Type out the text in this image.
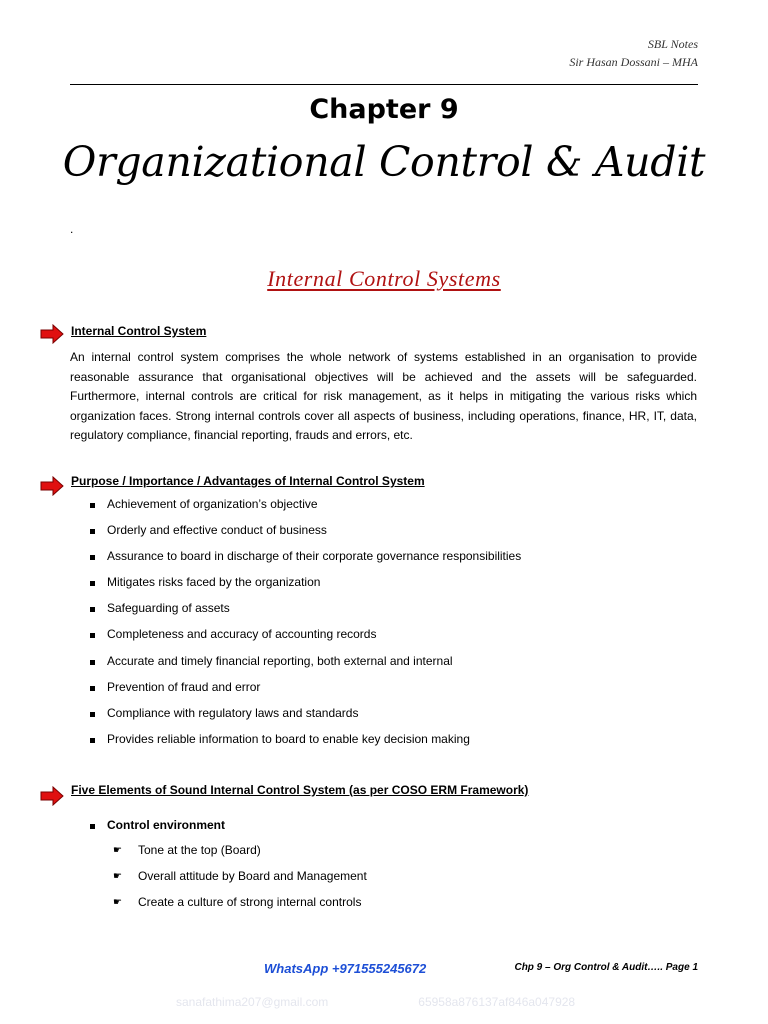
SBL Notes
Sir Hasan Dossani – MHA
Chapter 9
Organizational Control & Audit
.
Internal Control Systems
Internal Control System
An internal control system comprises the whole network of systems established in an organisation to provide reasonable assurance that organisational objectives will be achieved and the assets will be safeguarded. Furthermore, internal controls are critical for risk management, as it helps in mitigating the various risks which organization faces. Strong internal controls cover all aspects of business, including operations, finance, HR, IT, data, regulatory compliance, financial reporting, frauds and errors, etc.
Purpose / Importance / Advantages of Internal Control System
Achievement of organization’s objective
Orderly and effective conduct of business
Assurance to board in discharge of their corporate governance responsibilities
Mitigates risks faced by the organization
Safeguarding of assets
Completeness and accuracy of accounting records
Accurate and timely financial reporting, both external and internal
Prevention of fraud and error
Compliance with regulatory laws and standards
Provides reliable information to board to enable key decision making
Five Elements of Sound Internal Control System (as per COSO ERM Framework)
Control environment
☛	Tone at the top (Board)
☛	Overall attitude by Board and Management
☛	Create a culture of strong internal controls
WhatsApp +971555245672	Chp 9 – Org Control & Audit….. Page 1
sanafathima207@gmail.com	65958a876137af846a047928
